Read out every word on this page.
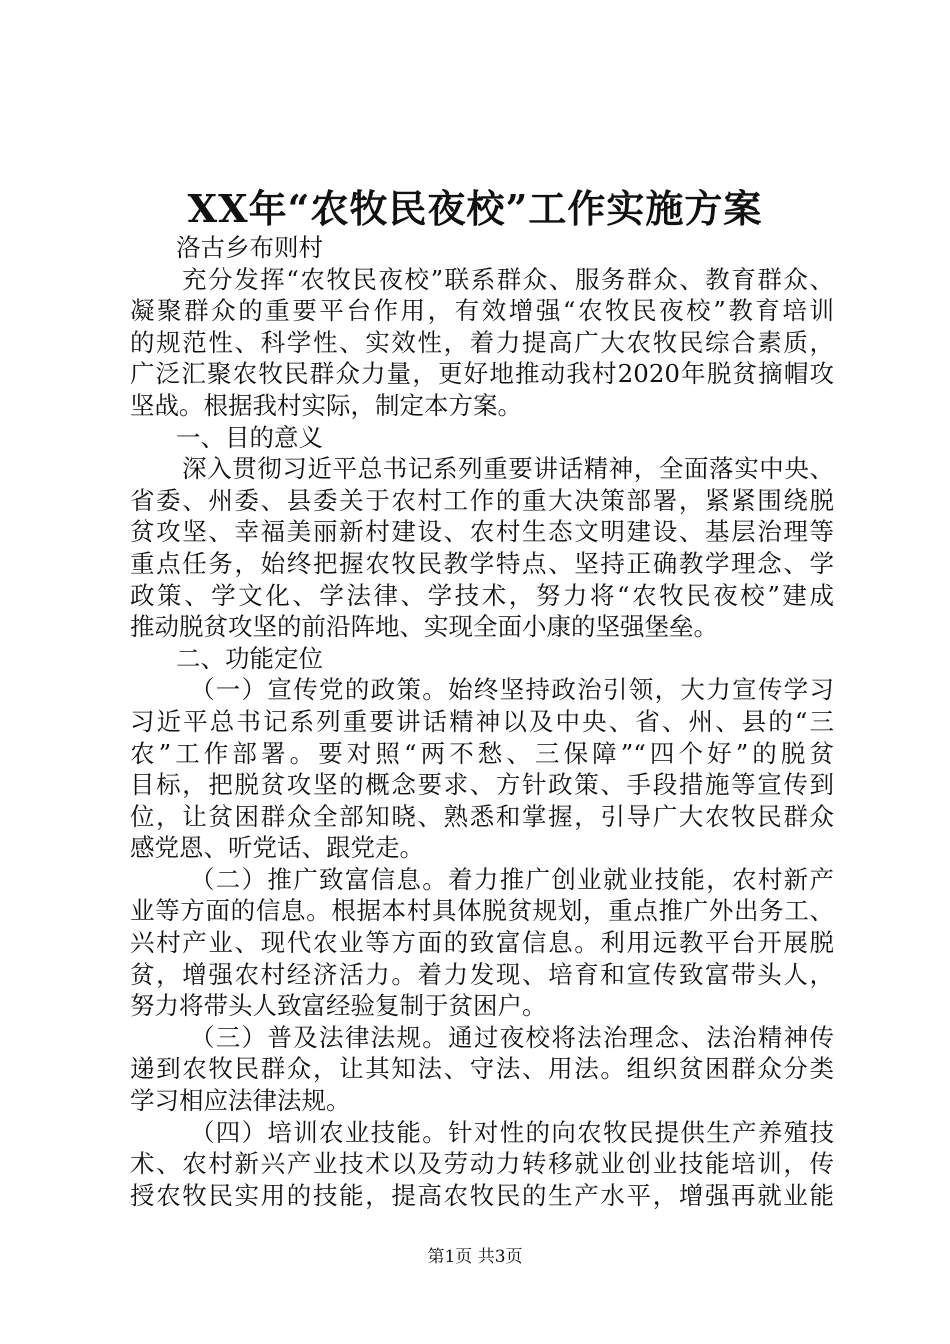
XX年“农牧民夜校”工作实施方案
洛古乡布则村
充分发挥“农牧民夜校”联系群众、服务群众、教育群众、
凝聚群众的重要平台作用，有效增强“农牧民夜校”教育培训
的规范性、科学性、实效性，着力提高广大农牧民综合素质，
广泛汇聚农牧民群众力量，更好地推动我村2020年脱贫摘帽攻
坚战。根据我村实际，制定本方案。
一、目的意义
深入贯彻习近平总书记系列重要讲话精神，全面落实中央、
省委、州委、县委关于农村工作的重大决策部署，紧紧围绕脱
贫攻坚、幸福美丽新村建设、农村生态文明建设、基层治理等
重点任务，始终把握农牧民教学特点、坚持正确教学理念、学
政策、学文化、学法律、学技术，努力将“农牧民夜校”建成
推动脱贫攻坚的前沿阵地、实现全面小康的坚强堡垒。
二、功能定位
（一）宣传党的政策。始终坚持政治引领，大力宣传学习
习近平总书记系列重要讲话精神以及中央、省、州、县的“三
农”工作部署。要对照“两不愁、三保障”“四个好”的脱贫
目标，把脱贫攻坚的概念要求、方针政策、手段措施等宣传到
位，让贫困群众全部知晓、熟悉和掌握，引导广大农牧民群众
感党恩、听党话、跟党走。
（二）推广致富信息。着力推广创业就业技能，农村新产
业等方面的信息。根据本村具体脱贫规划，重点推广外出务工、
兴村产业、现代农业等方面的致富信息。利用远教平台开展脱
贫，增强农村经济活力。着力发现、培育和宣传致富带头人，
努力将带头人致富经验复制于贫困户。
（三）普及法律法规。通过夜校将法治理念、法治精神传
递到农牧民群众，让其知法、守法、用法。组织贫困群众分类
学习相应法律法规。
（四）培训农业技能。针对性的向农牧民提供生产养殖技
术、农村新兴产业技术以及劳动力转移就业创业技能培训，传
授农牧民实用的技能，提高农牧民的生产水平，增强再就业能
第1页 共3页
